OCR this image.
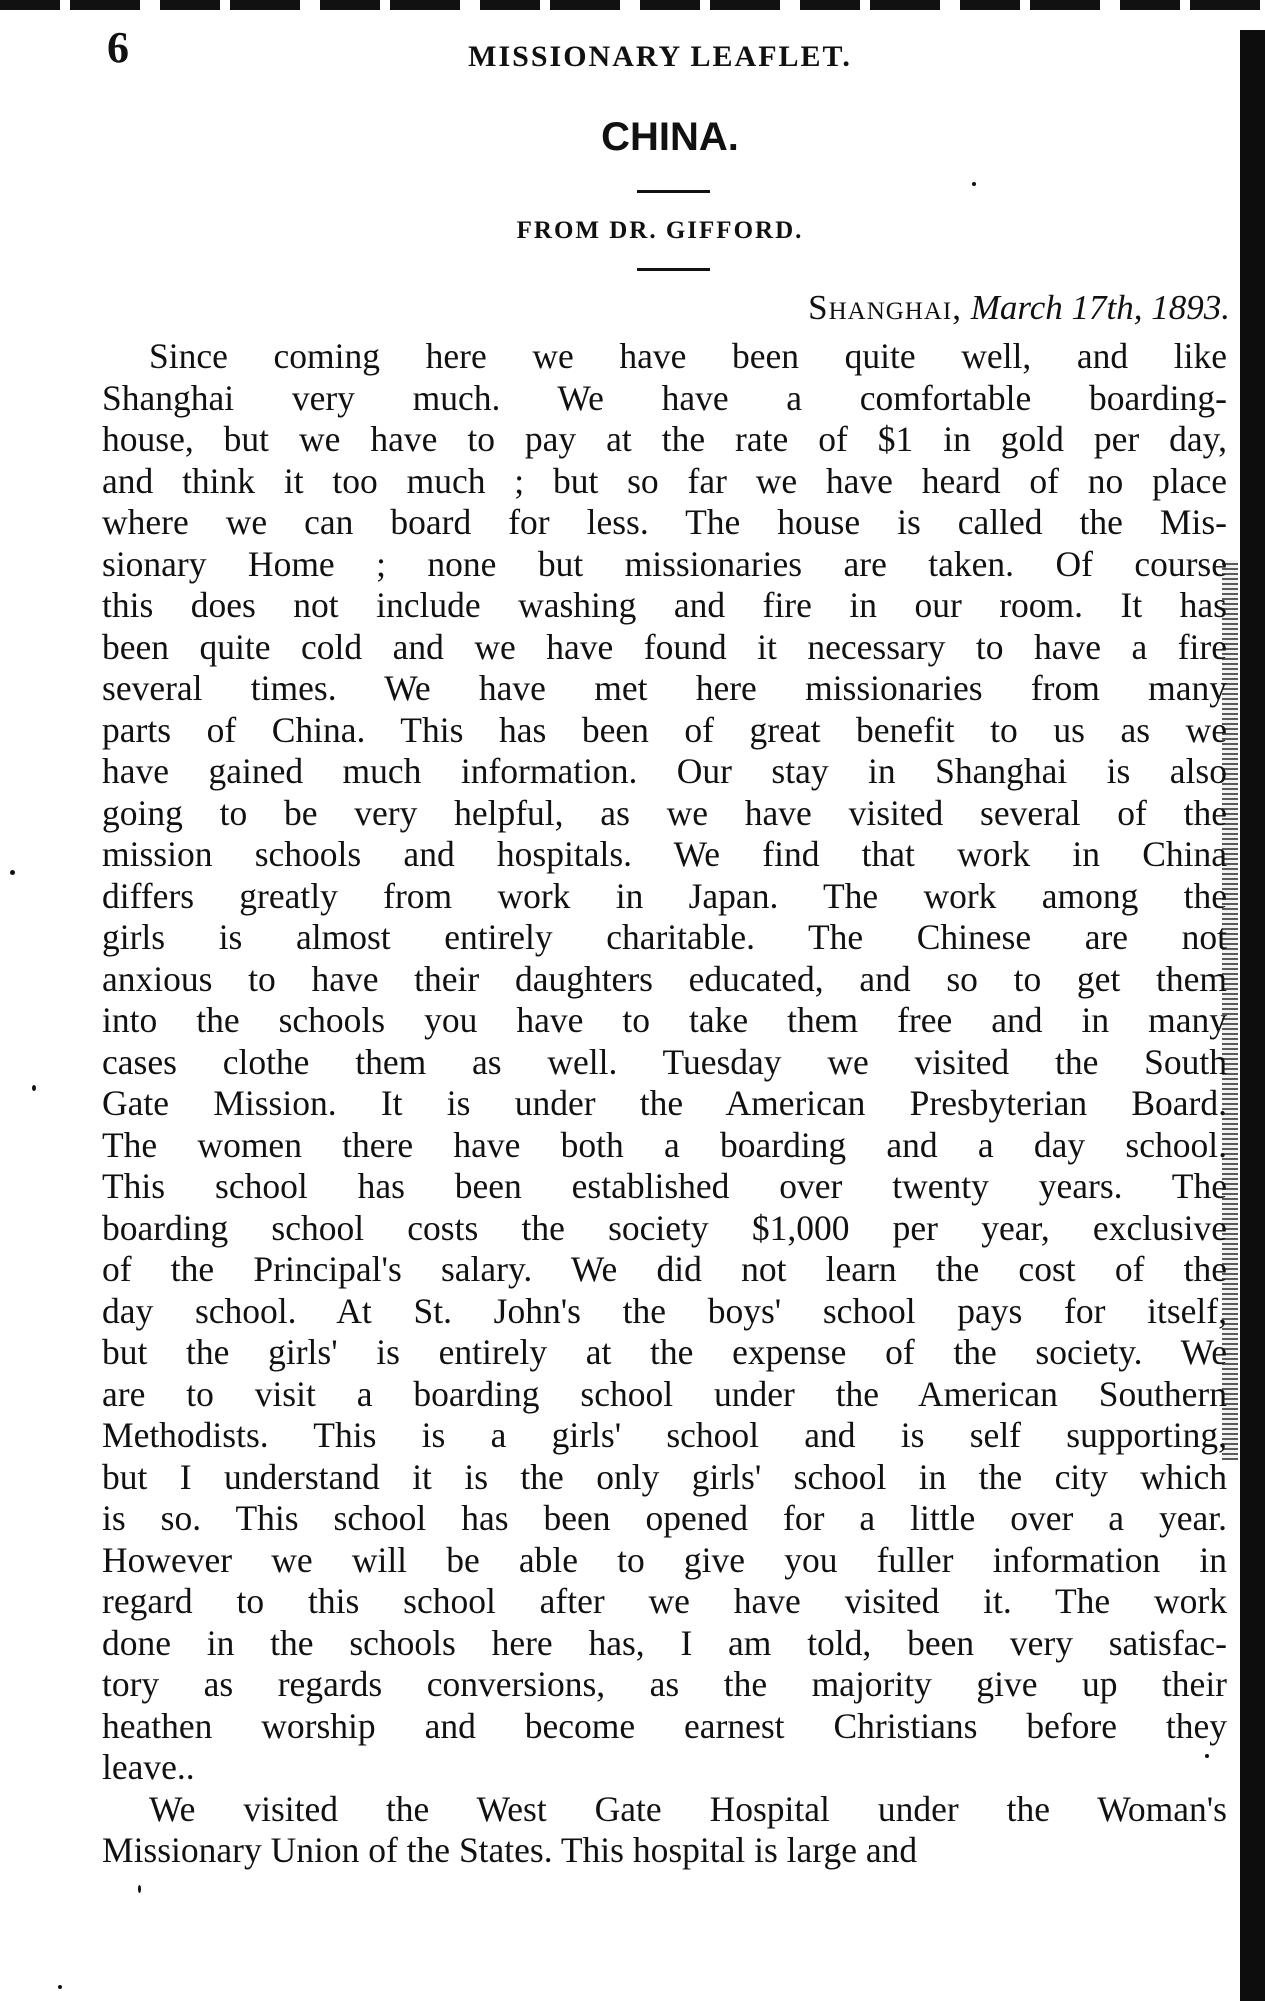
6	MISSIONARY LEAFLET.
CHINA.
FROM DR. GIFFORD.
Shanghai, March 17th, 1893.
Since coming here we have been quite well, and like
Shanghai very much. We have a comfortable boarding-
house, but we have to pay at the rate of $1 in gold per day,
and think it too much ; but so far we have heard of no place
where we can board for less. The house is called the Mis-
sionary Home ; none but missionaries are taken. Of course
this does not include washing and fire in our room. It has
been quite cold and we have found it necessary to have a fire
several times. We have met here missionaries from many
parts of China. This has been of great benefit to us as we
have gained much information. Our stay in Shanghai is also
going to be very helpful, as we have visited several of the
mission schools and hospitals. We find that work in China
differs greatly from work in Japan. The work among the
girls is almost entirely charitable. The Chinese are not
anxious to have their daughters educated, and so to get them
into the schools you have to take them free and in many
cases clothe them as well. Tuesday we visited the South
Gate Mission. It is under the American Presbyterian Board.
The women there have both a boarding and a day school.
This school has been established over twenty years. The
boarding school costs the society $1,000 per year, exclusive
of the Principal's salary. We did not learn the cost of the
day school. At St. John's the boys' school pays for itself,
but the girls' is entirely at the expense of the society. We
are to visit a boarding school under the American Southern
Methodists. This is a girls' school and is self supporting,
but I understand it is the only girls' school in the city which
is so. This school has been opened for a little over a year.
However we will be able to give you fuller information in
regard to this school after we have visited it. The work
done in the schools here has, I am told, been very satisfac-
tory as regards conversions, as the majority give up their
heathen worship and become earnest Christians before they
leave..
We visited the West Gate Hospital under the Woman's
Missionary Union of the States. This hospital is large and
